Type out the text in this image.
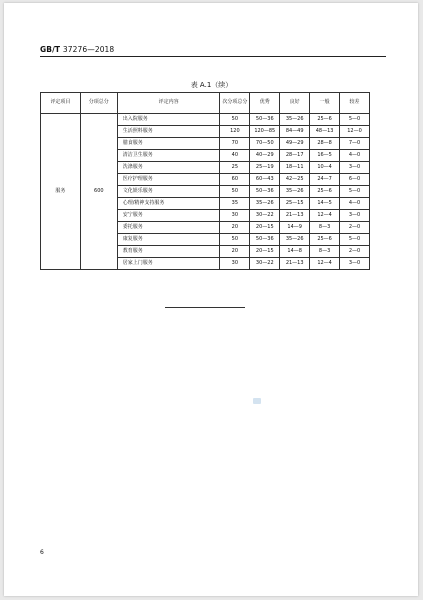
GB/T 37276—2018
表 A.1（续）
评定项目	分项总分	评定内容	次分项总分	优秀	良好	一般	较差
服务	600	出入院服务	50	50—36	35—26	25—6	5—0
		生活照料服务	120	120—85	84—49	48—13	12—0
		膳食服务	70	70—50	49—29	28—8	7—0
		清洁卫生服务	40	40—29	28—17	16—5	4—0
		洗涤服务	25	25—19	18—11	10—4	3—0
		医疗护理服务	60	60—43	42—25	24—7	6—0
		文化娱乐服务	50	50—36	35—26	25—6	5—0
		心理/精神支持服务	35	35—26	25—15	14—5	4—0
		安宁服务	30	30—22	21—13	12—4	3—0
		委托服务	20	20—15	14—9	8—3	2—0
		康复服务	50	50—36	35—26	25—6	5—0
		教育服务	20	20—15	14—8	8—3	2—0
		居家上门服务	30	30—22	21—13	12—4	3—0
6
